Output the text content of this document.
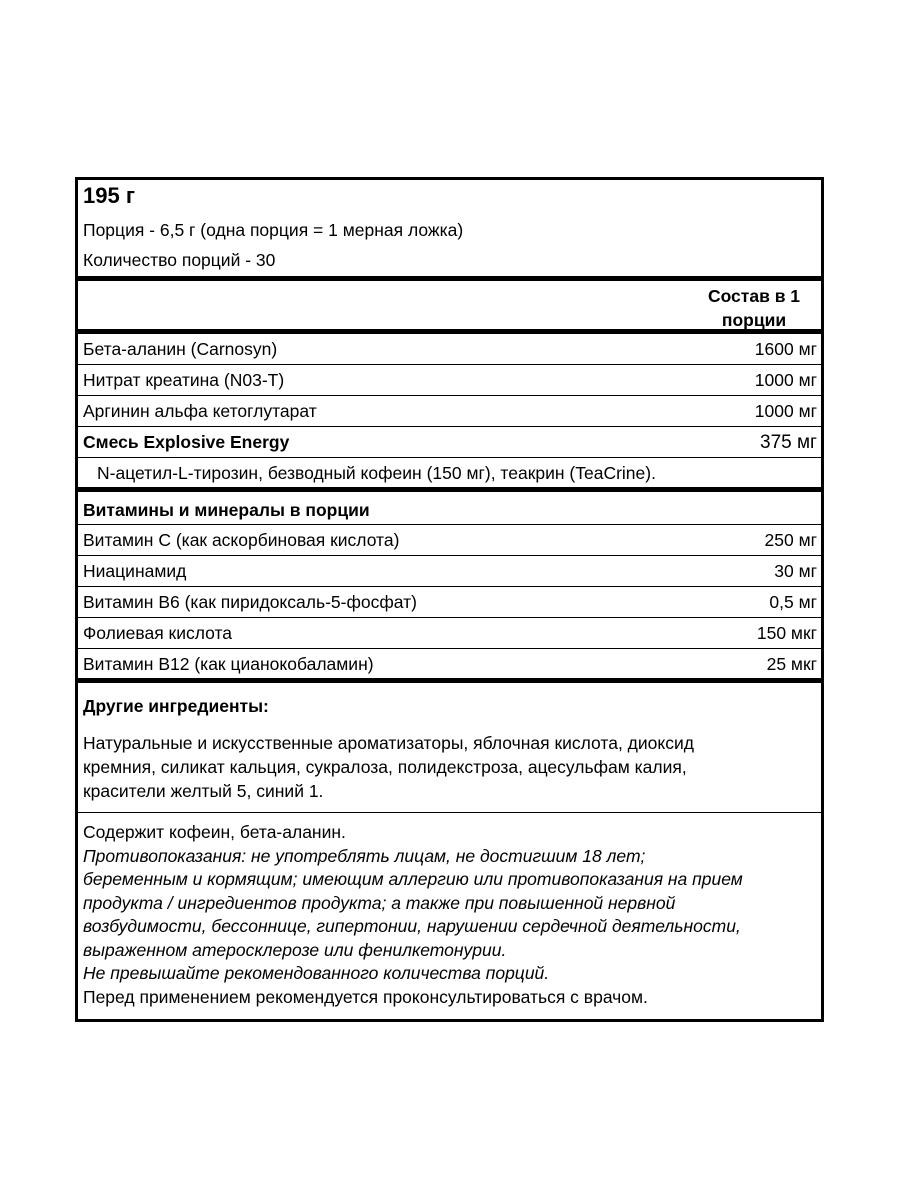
195 г
Порция - 6,5 г (одна порция = 1 мерная ложка)
Количество порций - 30
Состав в 1
порции
Бета-аланин (Carnosyn)	1600 мг
Нитрат креатина (N03-T)	1000 мг
Аргинин альфа кетоглутарат	1000 мг
Смесь Explosive Energy	375 мг
N-ацетил-L-тирозин, безводный кофеин (150 мг), теакрин (TeaCrine).
Витамины и минералы в порции
Витамин С (как аскорбиновая кислота)	250 мг
Ниацинамид	30 мг
Витамин В6 (как пиридоксаль-5-фосфат)	0,5 мг
Фолиевая кислота	150 мкг
Витамин В12 (как цианокобаламин)	25 мкг
Другие ингредиенты:
Натуральные и искусственные ароматизаторы, яблочная кислота, диоксид
кремния, силикат кальция, сукралоза, полидекстроза, ацесульфам калия,
красители желтый 5, синий 1.
Содержит кофеин, бета-аланин.
Противопоказания: не употреблять лицам, не достигшим 18 лет;
беременным и кормящим; имеющим аллергию или противопоказания на прием
продукта / ингредиентов продукта; а также при повышенной нервной
возбудимости, бессоннице, гипертонии, нарушении сердечной деятельности,
выраженном атеросклерозе или фенилкетонурии.
Не превышайте рекомендованного количества порций.
Перед применением рекомендуется проконсультироваться с врачом.
